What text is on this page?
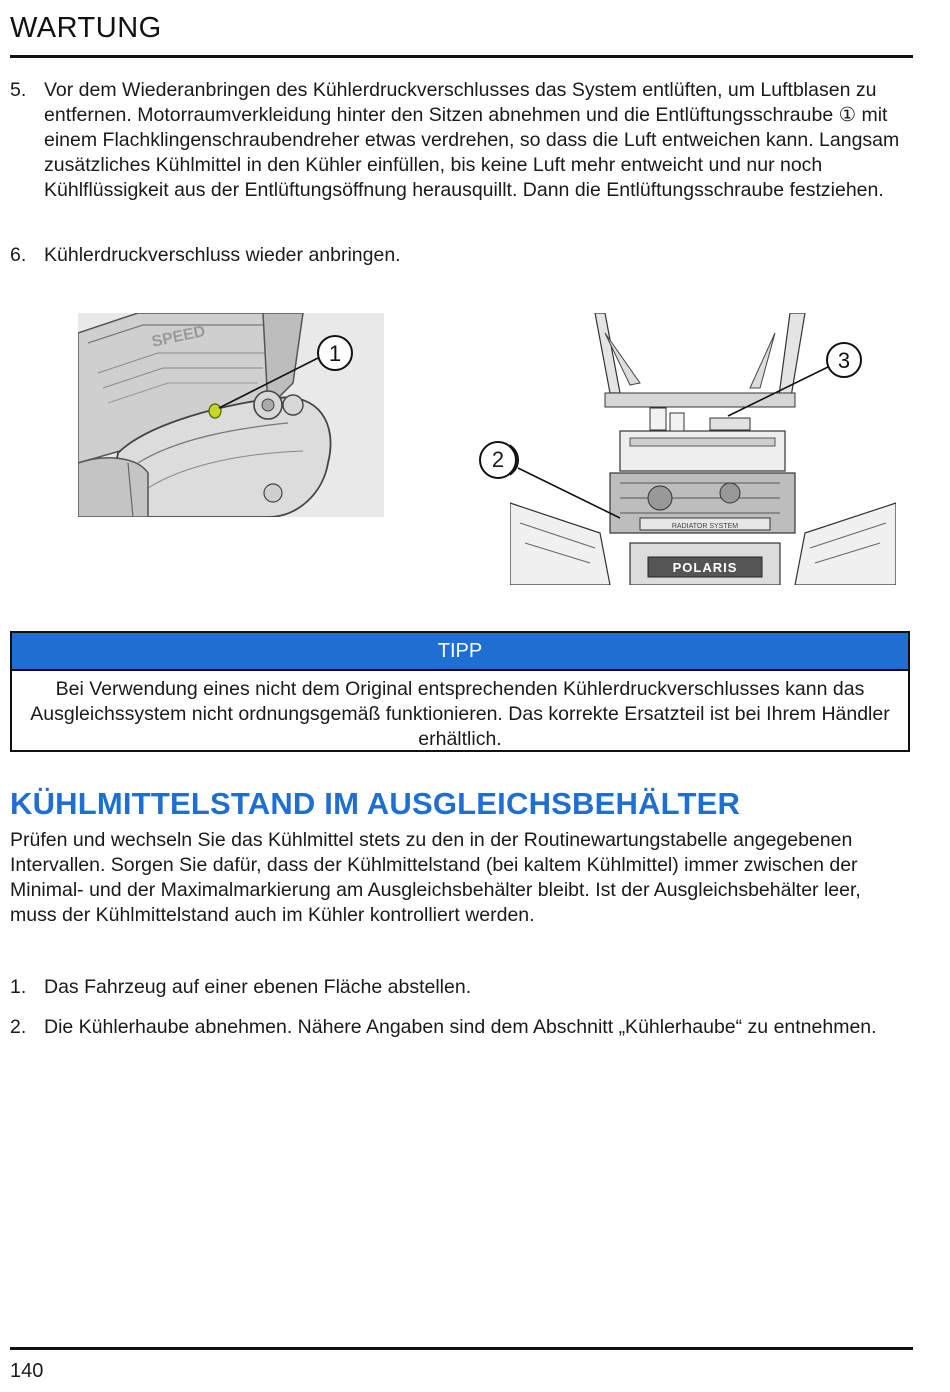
WARTUNG
5. Vor dem Wiederanbringen des Kühlerdruckverschlusses das System entlüften, um Luftblasen zu entfernen. Motorraumverkleidung hinter den Sitzen abnehmen und die Entlüftungsschraube ① mit einem Flachklingenschraubendreher etwas verdrehen, so dass die Luft entweichen kann. Langsam zusätzliches Kühlmittel in den Kühler einfüllen, bis keine Luft mehr entweicht und nur noch Kühlflüssigkeit aus der Entlüftungsöffnung herausquillt. Dann die Entlüftungsschraube festziehen.
6. Kühlerdruckverschluss wieder anbringen.
SPEED
1
RADIATOR SYSTEM
POLARIS
3
2
TIPP
Bei Verwendung eines nicht dem Original entsprechenden Kühlerdruckverschlusses kann das Ausgleichssystem nicht ordnungsgemäß funktionieren. Das korrekte Ersatzteil ist bei Ihrem Händler erhältlich.
KÜHLMITTELSTAND IM AUSGLEICHSBEHÄLTER
Prüfen und wechseln Sie das Kühlmittel stets zu den in der Routinewartungstabelle angegebenen Intervallen. Sorgen Sie dafür, dass der Kühlmittelstand (bei kaltem Kühlmittel) immer zwischen der Minimal- und der Maximalmarkierung am Ausgleichsbehälter bleibt. Ist der Ausgleichsbehälter leer, muss der Kühlmittelstand auch im Kühler kontrolliert werden.
1. Das Fahrzeug auf einer ebenen Fläche abstellen.
2. Die Kühlerhaube abnehmen. Nähere Angaben sind dem Abschnitt „Kühlerhaube“ zu entnehmen.
140
